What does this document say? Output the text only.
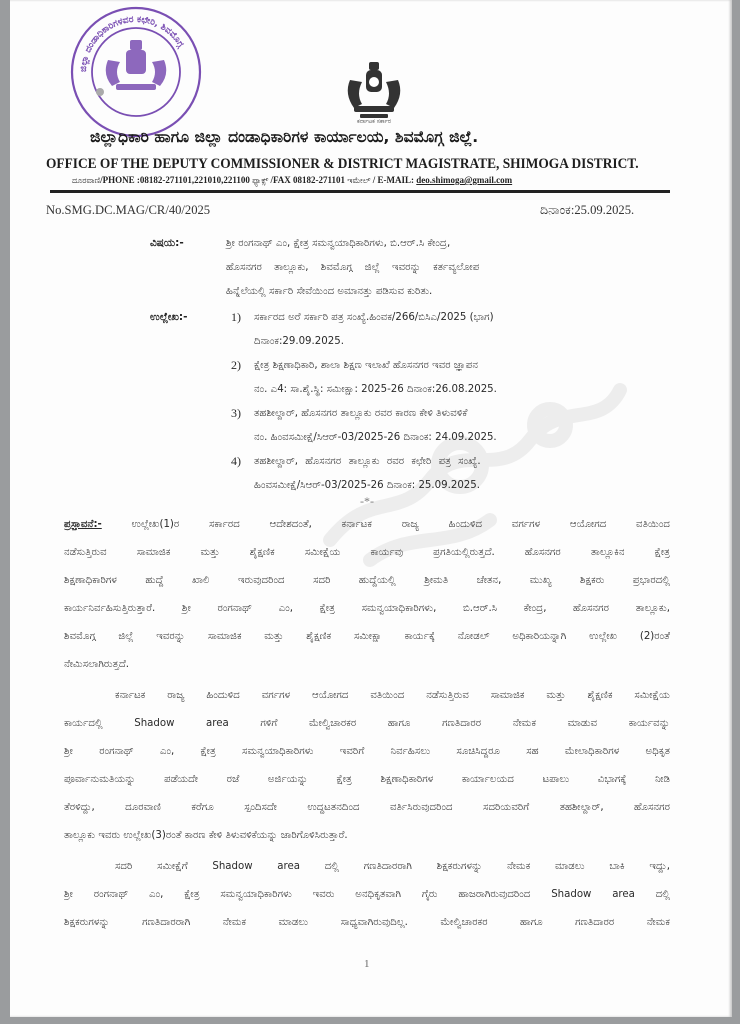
ಜಿಲ್ಲಾ ದಂಡಾಧಿಕಾರಿಗಳವರ ಕಛೇರಿ, ಶಿವಮೊಗ್ಗ
ಕರ್ನಾಟಕ ಸರ್ಕಾರ
ಜಿಲ್ಲಾಧಿಕಾರಿ ಹಾಗೂ ಜಿಲ್ಲಾ ದಂಡಾಧಿಕಾರಿಗಳ ಕಾರ್ಯಾಲಯ, ಶಿವಮೊಗ್ಗ ಜಿಲ್ಲೆ.
OFFICE OF THE DEPUTY COMMISSIONER & DISTRICT MAGISTRATE, SHIMOGA DISTRICT.
ದೂರವಾಣಿ/PHONE :08182-271101,221010,221100 ಫ್ಯಾಕ್ಸ್ /FAX 08182-271101 ಇಮೇಲ್ / E-MAIL: deo.shimoga@gmail.com
No.SMG.DC.MAG/CR/40/2025	ದಿನಾಂಕ:25.09.2025.
ವಿಷಯ:-	ಶ್ರೀ ರಂಗನಾಥ್ ಎಂ, ಕ್ಷೇತ್ರ ಸಮನ್ವಯಾಧಿಕಾರಿಗಳು, ಬಿ.ಆರ್.ಸಿ ಕೇಂದ್ರ,
ಹೊಸನಗರ ತಾಲ್ಲೂಕು, ಶಿವಮೊಗ್ಗ ಜಿಲ್ಲೆ ಇವರನ್ನು ಕರ್ತವ್ಯಲೋಪ
ಹಿನ್ನೆಲೆಯಲ್ಲಿ ಸರ್ಕಾರಿ ಸೇವೆಯಿಂದ ಅಮಾನತ್ತು ಪಡಿಸುವ ಕುರಿತು.
ಉಲ್ಲೇಖ:-	1) ಸರ್ಕಾರದ ಅರೆ ಸರ್ಕಾರಿ ಪತ್ರ ಸಂಖ್ಯೆ.ಹಿಂವಕ/266/ಬಿಸಿಎ/2025 (ಭಾಗ)
ದಿನಾಂಕ:29.09.2025.
2) ಕ್ಷೇತ್ರ ಶಿಕ್ಷಣಾಧಿಕಾರಿ, ಶಾಲಾ ಶಿಕ್ಷಣ ಇಲಾಖೆ ಹೊಸನಗರ ಇವರ ಜ್ಞಾಪನ
ನಂ. ಎ4: ಸಾ.ಶೈ.ಸ್ಥಿ: ಸಮೀಕ್ಷಾ: 2025-26 ದಿನಾಂಕ:26.08.2025.
3) ತಹಶೀಲ್ದಾರ್, ಹೊಸನಗರ ತಾಲ್ಲೂಕು ರವರ ಕಾರಣ ಕೇಳಿ ತಿಳುವಳಿಕೆ
ನಂ. ಹಿಂವಸಮೀಕ್ಷೆ/ಸಿಆರ್-03/2025-26 ದಿನಾಂಕ: 24.09.2025.
4) ತಹಶೀಲ್ದಾರ್, ಹೊಸನಗರ ತಾಲ್ಲೂಕು ರವರ ಕಛೇರಿ ಪತ್ರ ಸಂಖ್ಯೆ.
ಹಿಂವಸಮೀಕ್ಷೆ/ಸಿಆರ್-03/2025-26 ದಿನಾಂಕ: 25.09.2025.
-*-
ಪ್ರಸ್ತಾವನೆ:- ಉಲ್ಲೇಖ(1)ರ ಸರ್ಕಾರದ ಆದೇಶದಂತೆ, ಕರ್ನಾಟಕ ರಾಜ್ಯ ಹಿಂದುಳಿದ ವರ್ಗಗಳ ಆಯೋಗದ ವತಿಯಿಂದ
ನಡೆಸುತ್ತಿರುವ ಸಾಮಾಜಿಕ ಮತ್ತು ಶೈಕ್ಷಣಿಕ ಸಮೀಕ್ಷೆಯ ಕಾರ್ಯವು ಪ್ರಗತಿಯಲ್ಲಿರುತ್ತದೆ. ಹೊಸನಗರ ತಾಲ್ಲೂಕಿನ ಕ್ಷೇತ್ರ
ಶಿಕ್ಷಣಾಧಿಕಾರಿಗಳ ಹುದ್ದೆ ಖಾಲಿ ಇರುವುದರಿಂದ ಸದರಿ ಹುದ್ದೆಯಲ್ಲಿ ಶ್ರೀಮತಿ ಚೇತನ, ಮುಖ್ಯ ಶಿಕ್ಷಕರು ಪ್ರಭಾರದಲ್ಲಿ
ಕಾರ್ಯನಿರ್ವಹಿಸುತ್ತಿರುತ್ತಾರೆ. ಶ್ರೀ ರಂಗನಾಥ್ ಎಂ, ಕ್ಷೇತ್ರ ಸಮನ್ವಯಾಧಿಕಾರಿಗಳು, ಬಿ.ಆರ್.ಸಿ ಕೇಂದ್ರ, ಹೊಸನಗರ ತಾಲ್ಲೂಕು,
ಶಿವಮೊಗ್ಗ ಜಿಲ್ಲೆ ಇವರನ್ನು ಸಾಮಾಜಿಕ ಮತ್ತು ಶೈಕ್ಷಣಿಕ ಸಮೀಕ್ಷಾ ಕಾರ್ಯಕ್ಕೆ ನೋಡಲ್ ಅಧಿಕಾರಿಯನ್ನಾಗಿ ಉಲ್ಲೇಖ (2)ರಂತೆ
ನೇಮಿಸಲಾಗಿರುತ್ತದೆ.
ಕರ್ನಾಟಕ ರಾಜ್ಯ ಹಿಂದುಳಿದ ವರ್ಗಗಳ ಆಯೋಗದ ವತಿಯಿಂದ ನಡೆಸುತ್ತಿರುವ ಸಾಮಾಜಿಕ ಮತ್ತು ಶೈಕ್ಷಣಿಕ ಸಮೀಕ್ಷೆಯ
ಕಾರ್ಯದಲ್ಲಿ Shadow area ಗಳಿಗೆ ಮೇಲ್ವಿಚಾರಕರ ಹಾಗೂ ಗಣತಿದಾರರ ನೇಮಕ ಮಾಡುವ ಕಾರ್ಯವನ್ನು
ಶ್ರೀ ರಂಗನಾಥ್ ಎಂ, ಕ್ಷೇತ್ರ ಸಮನ್ವಯಾಧಿಕಾರಿಗಳು ಇವರಿಗೆ ನಿರ್ವಹಿಸಲು ಸೂಚಿಸಿದ್ದರೂ ಸಹ ಮೇಲಾಧಿಕಾರಿಗಳ ಅಧಿಕೃತ
ಪೂರ್ವಾನುಮತಿಯನ್ನು ಪಡೆಯದೇ ರಜೆ ಅರ್ಜಿಯನ್ನು ಕ್ಷೇತ್ರ ಶಿಕ್ಷಣಾಧಿಕಾರಿಗಳ ಕಾರ್ಯಾಲಯದ ಟಪಾಲು ವಿಭಾಗಕ್ಕೆ ನೀಡಿ
ತೆರಳಿದ್ದು, ದೂರವಾಣಿ ಕರೆಗೂ ಸ್ಪಂದಿಸದೇ ಉದ್ಧಟತನದಿಂದ ವರ್ತಿಸಿರುವುದರಿಂದ ಸದರಿಯವರಿಗೆ ತಹಶೀಲ್ದಾರ್, ಹೊಸನಗರ
ತಾಲ್ಲೂಕು ಇವರು ಉಲ್ಲೇಖ(3)ರಂತೆ ಕಾರಣ ಕೇಳಿ ತಿಳುವಳಿಕೆಯನ್ನು ಜಾರಿಗೊಳಿಸಿರುತ್ತಾರೆ.
ಸದರಿ ಸಮೀಕ್ಷೆಗೆ Shadow area ದಲ್ಲಿ ಗಣತಿದಾರರಾಗಿ ಶಿಕ್ಷಕರುಗಳನ್ನು ನೇಮಕ ಮಾಡಲು ಬಾಕಿ ಇದ್ದು,
ಶ್ರೀ ರಂಗನಾಥ್ ಎಂ, ಕ್ಷೇತ್ರ ಸಮನ್ವಯಾಧಿಕಾರಿಗಳು ಇವರು ಅನಧಿಕೃತವಾಗಿ ಗೈರು ಹಾಜರಾಗಿರುವುದರಿಂದ Shadow area ದಲ್ಲಿ
ಶಿಕ್ಷಕರುಗಳನ್ನು ಗಣತಿದಾರರಾಗಿ ನೇಮಕ ಮಾಡಲು ಸಾಧ್ಯವಾಗಿರುವುದಿಲ್ಲ. ಮೇಲ್ವಿಚಾರಕರ ಹಾಗೂ ಗಣತಿದಾರರ ನೇಮಕ
1
